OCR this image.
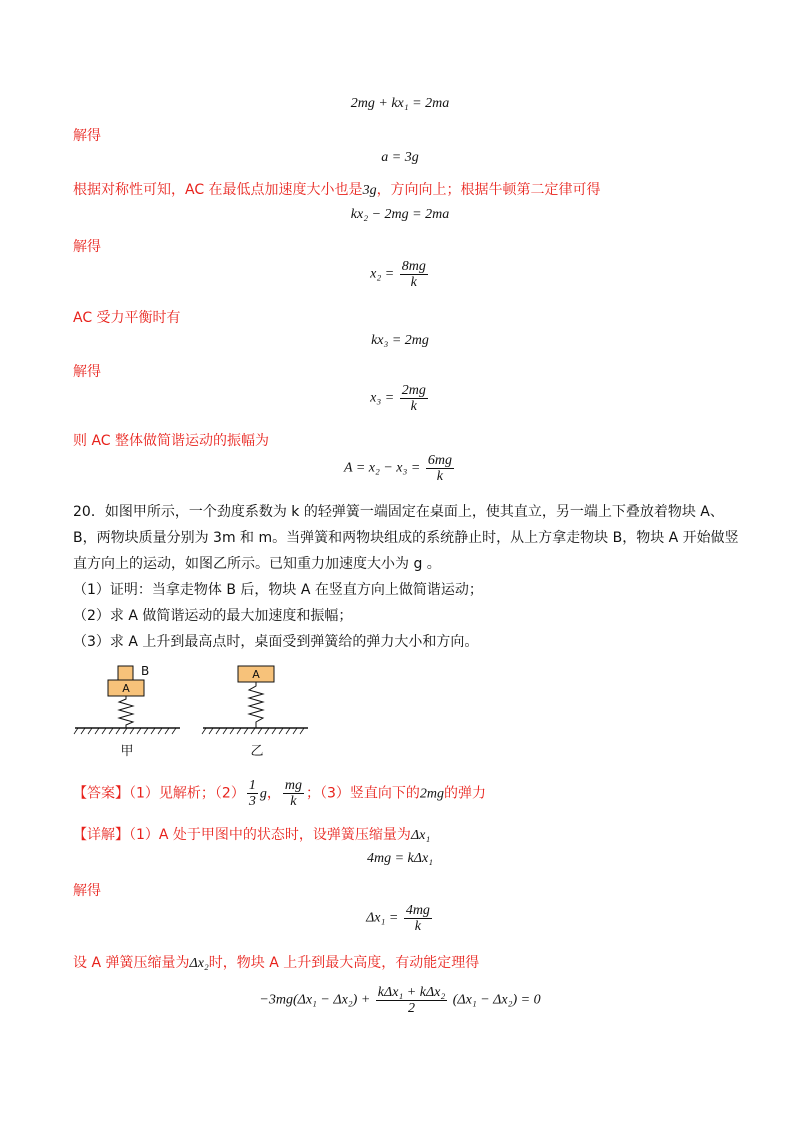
2mg + kx₁ = 2ma
解得
a = 3g
根据对称性可知，AC 在最低点加速度大小也是3g，方向向上；根据牛顿第二定律可得
kx₂ − 2mg = 2ma
解得
$x_2 = \frac{8mg}{k}$
AC 受力平衡时有
kx₃ = 2mg
解得
$x_3 = \frac{2mg}{k}$
则 AC 整体做简谐运动的振幅为
$A = x_2 - x_3 = \frac{6mg}{k}$
20．如图甲所示，一个劲度系数为 k 的轻弹簧一端固定在桌面上，使其直立，另一端上下叠放着物块 A、
B，两物块质量分别为 3m 和 m。当弹簧和两物块组成的系统静止时，从上方拿走物块 B，物块 A 开始做竖
直方向上的运动，如图乙所示。已知重力加速度大小为 g 。
（1）证明：当拿走物体 B 后，物块 A 在竖直方向上做简谐运动；
（2）求 A 做简谐运动的最大加速度和振幅；
（3）求 A 上升到最高点时，桌面受到弹簧给的弹力大小和方向。
A
B
甲
A
乙
【答案】（1）见解析；$(2) \frac{1}{3}$ g， $\frac{mg}{k}$ ；（3）竖直向下的2mg的弹力
【详解】（1）A 处于甲图中的状态时，设弹簧压缩量为Δx₁
4mg = kΔx₁
解得
$\Delta x_1 = \frac{4mg}{k}$
设 A 弹簧压缩量为Δx₂时，物块 A 上升到最大高度，有动能定理得
$-3mg(\Delta x_1 - \Delta x_2) + \frac{\text{kΔx₁ + kΔx₂}}{2} (\Delta x_1 - \Delta x_2) = 0$
